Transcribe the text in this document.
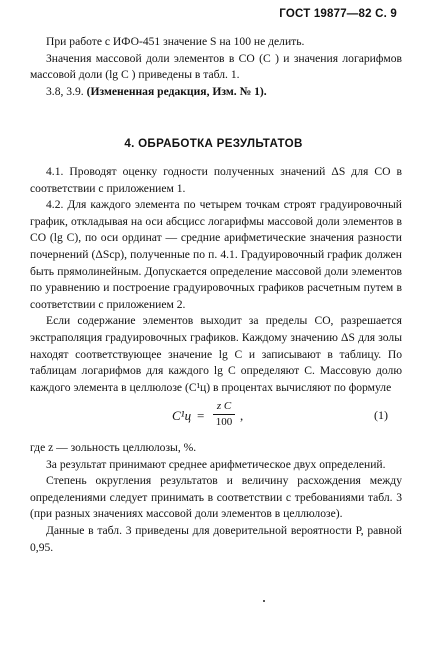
ГОСТ 19877—82 С. 9

При работе с ИФО-451 значение S на 100 не делить.

Значения массовой доли элементов в СО (C ) и значения логарифмов массовой доли (lg C ) приведены в табл. 1.

3.8, 3.9. (Измененная редакция, Изм. № 1).

4. ОБРАБОТКА РЕЗУЛЬТАТОВ

4.1. Проводят оценку годности полученных значений ΔS для СО в соответствии с приложением 1.

4.2. Для каждого элемента по четырем точкам строят градуировочный график, откладывая на оси абсцисс логарифмы массовой доли элементов в СО (lg C), по оси ординат — средние арифметические значения разности почернений (ΔSср), полученные по п. 4.1. Градуировочный график должен быть прямолинейным. Допускается определение массовой доли элементов по уравнению и построение градуировочных графиков расчетным путем в соответствии с приложением 2.

Если содержание элементов выходит за пределы СО, разрешается экстраполяция градуировочных графиков. Каждому значению ΔS для золы находят соответствующее значение lg C и записывают в таблицу. По таблицам логарифмов для каждого lg C определяют C. Массовую долю каждого элемента в целлюлозе (C¹ц) в процентах вычисляют по формуле

C¹ц =
z C
100 ,	(1)

где z — зольность целлюлозы, %.

За результат принимают среднее арифметическое двух определений.

Степень округления результатов и величину расхождения между определениями следует принимать в соответствии с требованиями табл. 3 (при разных значениях массовой доли элементов в целлюлозе).

Данные в табл. 3 приведены для доверительной вероятности P, равной 0,95.
